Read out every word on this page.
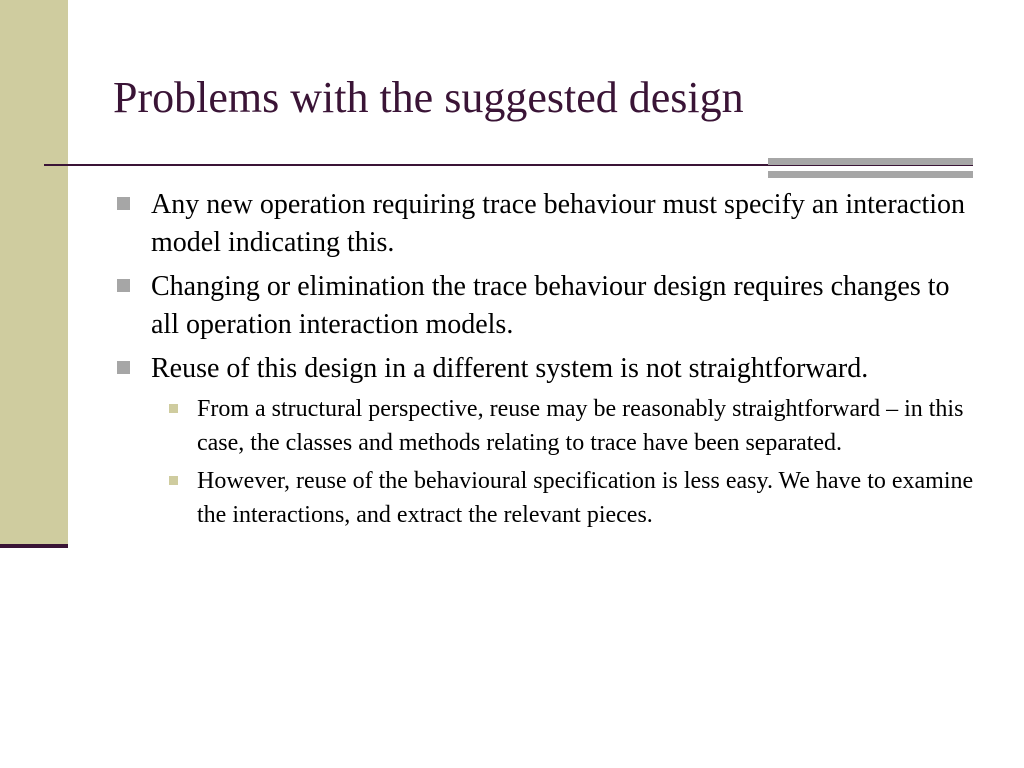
Problems with the suggested design
Any new operation requiring trace behaviour must specify an interaction model indicating this.
Changing or elimination the trace behaviour design requires changes to all operation interaction models.
Reuse of this design in a different system is not straightforward.
From a structural perspective, reuse may be reasonably straightforward – in this case, the classes and methods relating to trace have been separated.
However, reuse of the behavioural specification is less easy. We have to examine the interactions, and extract the relevant pieces.
